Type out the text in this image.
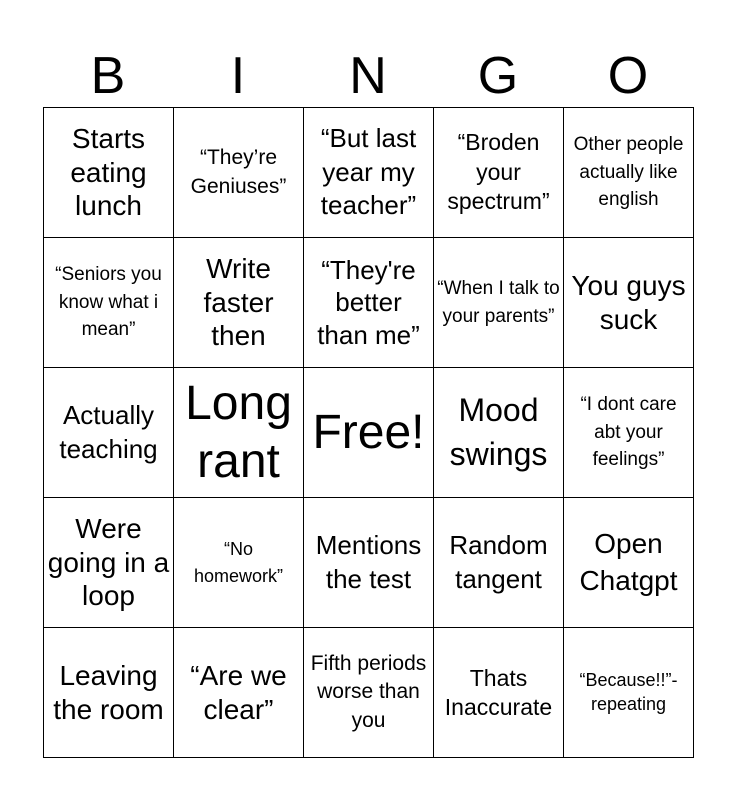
B	I	N	G	O
Starts eating lunch	“They’re Geniuses”	“But last year my teacher”	“Broden your spectrum”	Other people actually like english
“Seniors you know what i mean”	Write faster then	“They're better than me”	“When I talk to your parents”	You guys suck
Actually teaching	Long rant	Free!	Mood swings	“I dont care abt your feelings”
Were going in a loop	“No homework”	Mentions the test	Random tangent	Open Chatgpt
Leaving the room	“Are we clear”	Fifth periods worse than you	Thats Inaccurate	“Because!!”- repeating
